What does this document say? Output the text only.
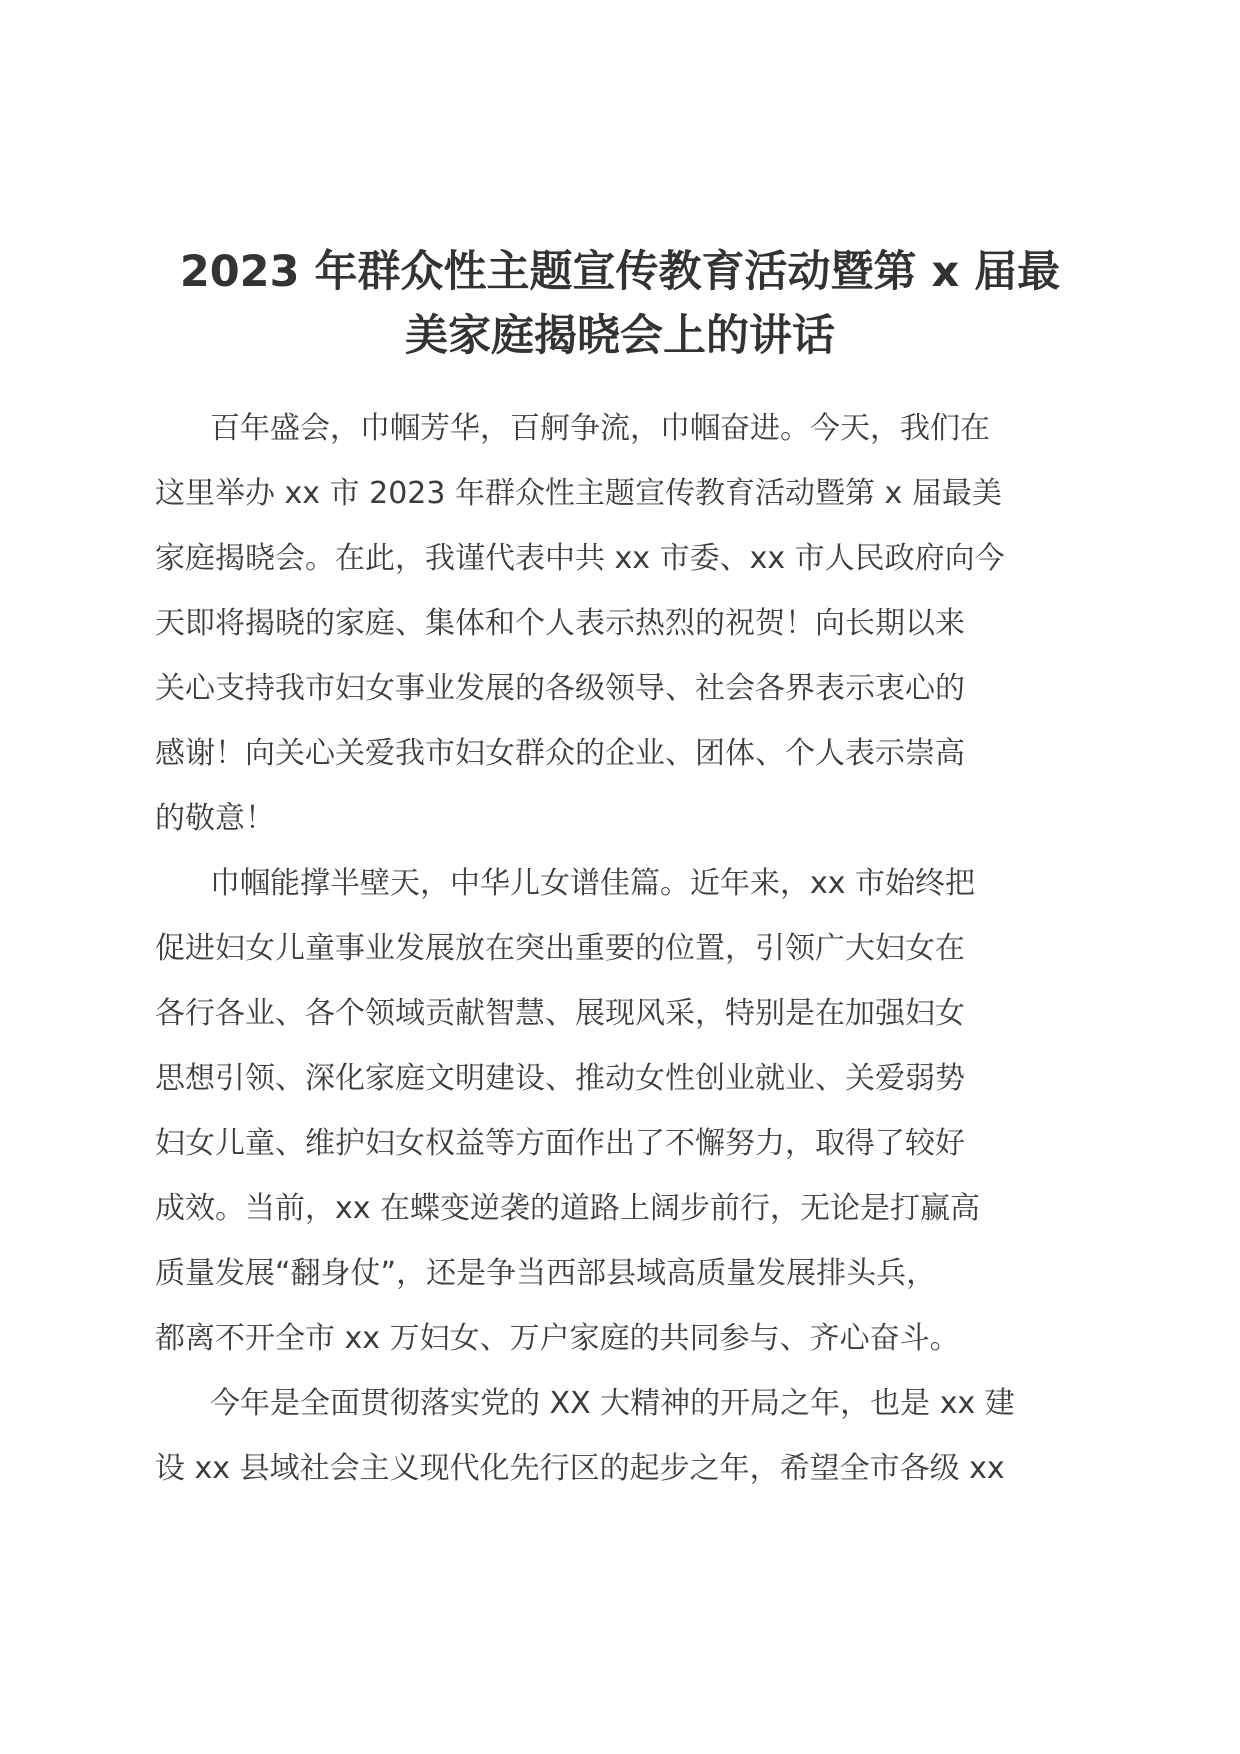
2023 年群众性主题宣传教育活动暨第 x 届最
美家庭揭晓会上的讲话

百年盛会，巾帼芳华，百舸争流，巾帼奋进。今天，我们在
这里举办 xx 市 2023 年群众性主题宣传教育活动暨第 x 届最美
家庭揭晓会。在此，我谨代表中共 xx 市委、xx 市人民政府向今
天即将揭晓的家庭、集体和个人表示热烈的祝贺！向长期以来
关心支持我市妇女事业发展的各级领导、社会各界表示衷心的
感谢！向关心关爱我市妇女群众的企业、团体、个人表示崇高
的敬意！

巾帼能撑半壁天，中华儿女谱佳篇。近年来，xx 市始终把
促进妇女儿童事业发展放在突出重要的位置，引领广大妇女在
各行各业、各个领域贡献智慧、展现风采，特别是在加强妇女
思想引领、深化家庭文明建设、推动女性创业就业、关爱弱势
妇女儿童、维护妇女权益等方面作出了不懈努力，取得了较好
成效。当前，xx 在蝶变逆袭的道路上阔步前行，无论是打赢高
质量发展“翻身仗”，还是争当西部县域高质量发展排头兵，
都离不开全市 xx 万妇女、万户家庭的共同参与、齐心奋斗。

今年是全面贯彻落实党的 XX 大精神的开局之年，也是 xx 建
设 xx 县域社会主义现代化先行区的起步之年，希望全市各级 xx
